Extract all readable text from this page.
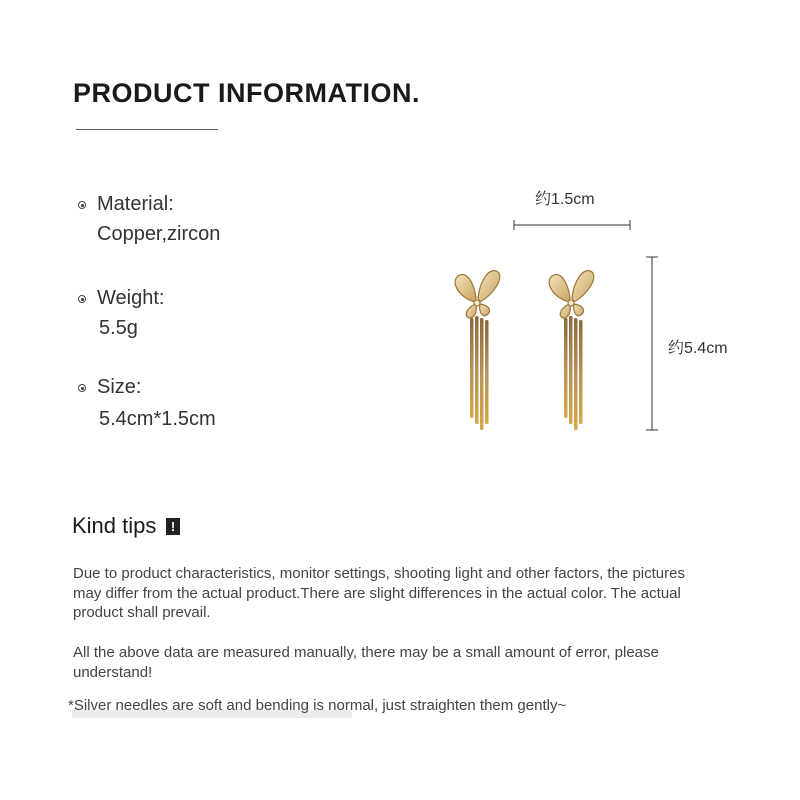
PRODUCT INFORMATION.
Material:
Copper,zircon
Weight:
5.5g
Size:
5.4cm*1.5cm
约1.5cm
约5.4cm
Kind tips	!
Due to product characteristics, monitor settings, shooting light and other factors, the pictures may differ from the actual product.There are slight differences in the actual color. The actual product shall prevail.
All the above data are measured manually, there may be a small amount of error, please understand!
*Silver needles are soft and bending is normal, just straighten them gently~
